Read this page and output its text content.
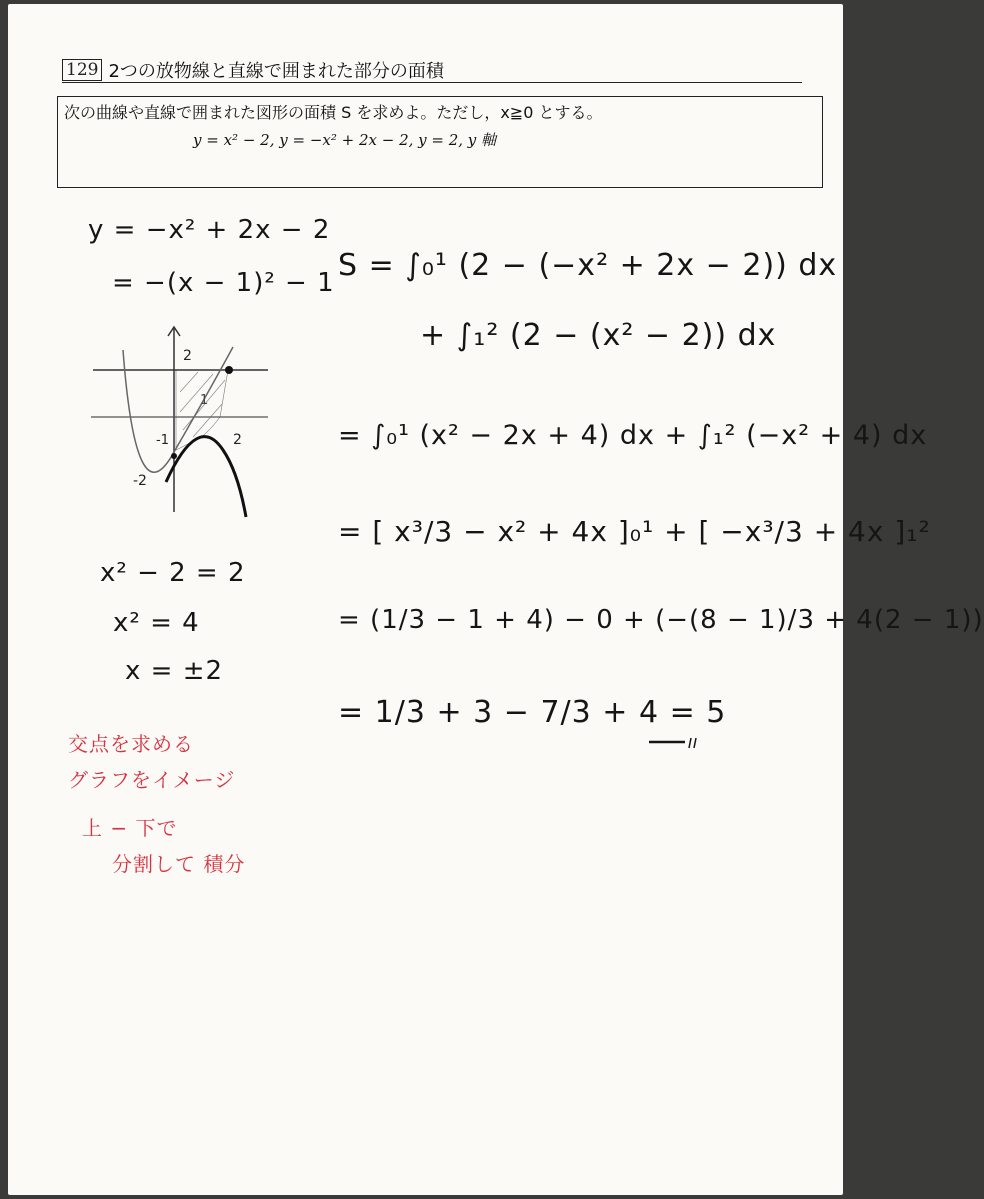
129 2つの放物線と直線で囲まれた部分の面積
次の曲線や直線で囲まれた図形の面積 S を求めよ。ただし，x≧0 とする。
y = x² − 2, y = −x² + 2x − 2, y = 2, y 軸
y = −x² + 2x − 2
= −(x − 1)² − 1
2
1
-1	2
-2
x² − 2 = 2
x² = 4
x = ±2
交点を求める
グラフをイメージ
上 − 下で
分割して 積分
S = ∫₀¹ (2 − (−x² + 2x − 2)) dx
+ ∫₁² (2 − (x² − 2)) dx
= ∫₀¹ (x² − 2x + 4) dx + ∫₁² (−x² + 4) dx
= [ x³/3 − x² + 4x ]₀¹ + [ −x³/3 + 4x ]₁²
= (1/3 − 1 + 4) − 0 + (−(8 − 1)/3 + 4(2 − 1))
= 1/3 + 3 − 7/3 + 4 = 5
